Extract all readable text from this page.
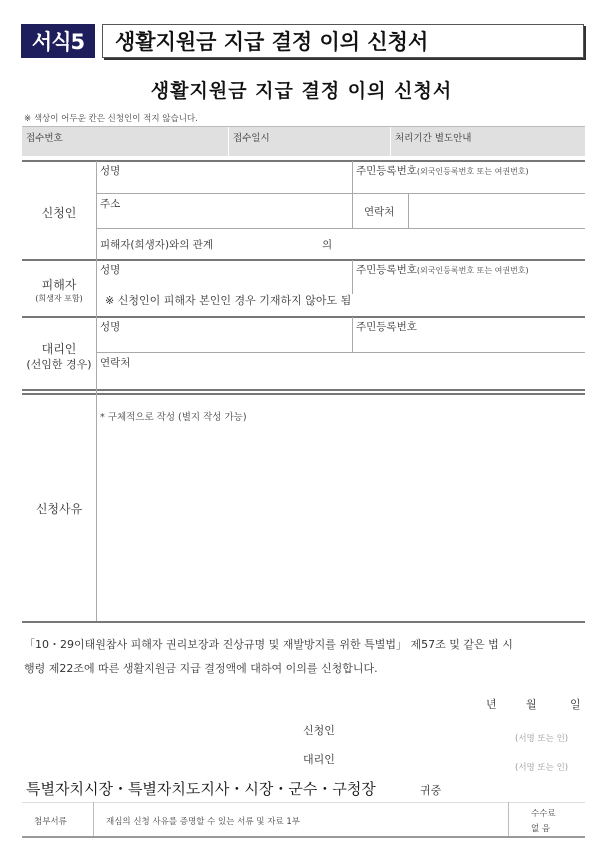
서식5	생활지원금 지급 결정 이의 신청서
생활지원금 지급 결정 이의 신청서
※ 색상이 어두운 칸은 신청인이 적지 않습니다.
접수번호	접수일시	처리기간 별도안내
신청인
성명	주민등록번호(외국인등록번호 또는 여권번호)
주소
연락처
피해자(희생자)와의 관계	의
피해자
(희생자 포함)
성명	주민등록번호(외국인등록번호 또는 여권번호)
※ 신청인이 피해자 본인인 경우 기재하지 않아도 됨
대리인
(선임한 경우)
성명	주민등록번호
연락처
신청사유
* 구체적으로 작성 (별지 작성 가능)
「10・29이태원참사 피해자 권리보장과 진상규명 및 재발방지를 위한 특별법」 제57조 및 같은 법 시
행령 제22조에 따른 생활지원금 지급 결정액에 대하여 이의를 신청합니다.
년	월	일
신청인
(서명 또는 인)
대리인
(서명 또는 인)
특별자치시장・특별자치도지사・시장・군수・구청장	귀중
첨부서류	재심의 신청 사유를 증명할 수 있는 서류 및 자료 1부
수수료
없 음
